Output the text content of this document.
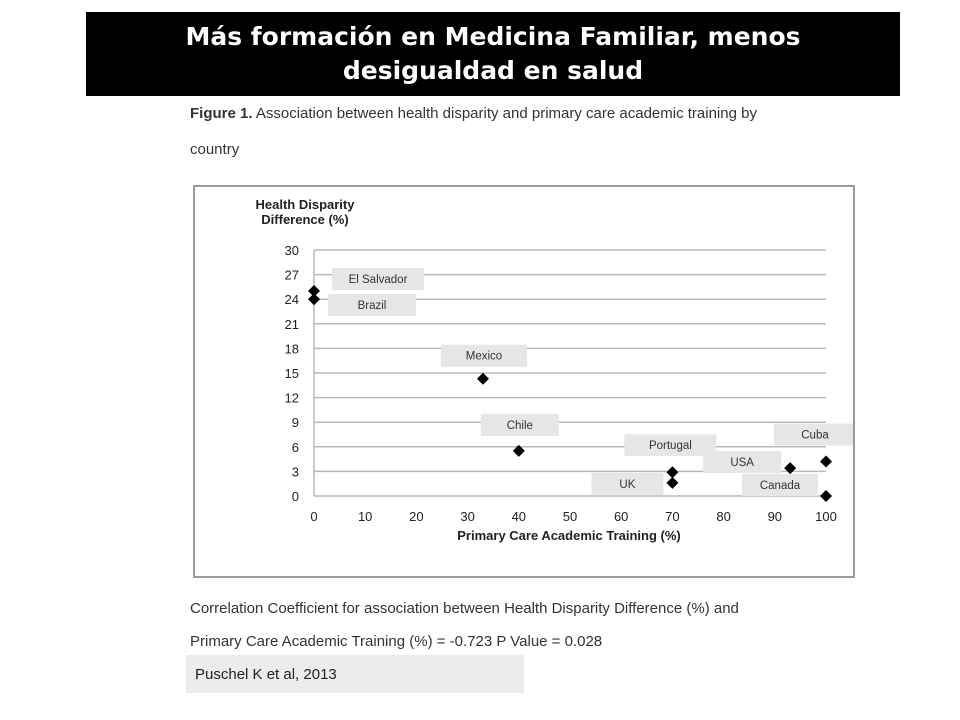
Más formación en Medicina Familiar, menos desigualdad en salud
Figure 1. Association between health disparity and primary care academic training by
country
Health Disparity
Difference (%)
0
3
6
9
12
15
18
21
24
27
30
0	10	20	30	40	50	60	70	80	90	100
El Salvador
Brazil
Mexico
Chile
Portugal
UK
USA
Cuba
Canada
Primary Care Academic Training (%)
Correlation Coefficient for association between Health Disparity Difference (%) and
Primary Care Academic Training (%) = -0.723 P Value = 0.028
Puschel K et al, 2013
